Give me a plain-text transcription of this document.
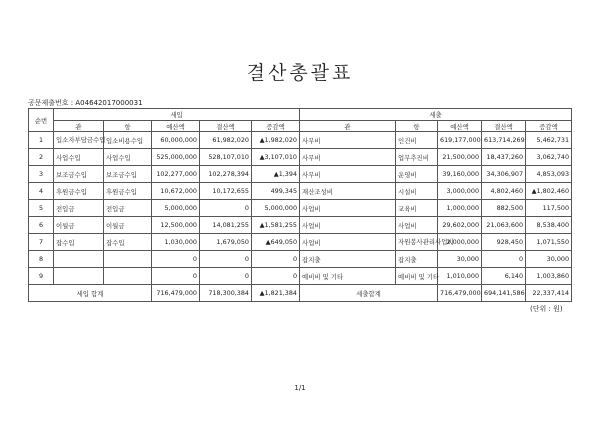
결산총괄표
공문제출번호 : A04642017000031
순번	세입					세출				
	관	항	예산액	결산액	증감액	관	항	예산액	결산액	증감액
1	입소자부담금수입	입소비용수입	60,000,000	61,982,020	▲1,982,020	사무비	인건비	619,177,000	613,714,269	5,462,731
2	사업수입	사업수입	525,000,000	528,107,010	▲3,107,010	사무비	업무추진비	21,500,000	18,437,260	3,062,740
3	보조금수입	보조금수입	102,277,000	102,278,394	▲1,394	사무비	운영비	39,160,000	34,306,907	4,853,093
4	후원금수입	후원금수입	10,672,000	10,172,655	499,345	재산조성비	시설비	3,000,000	4,802,460	▲1,802,460
5	전입금	전입금	5,000,000	0	5,000,000	사업비	교육비	1,000,000	882,500	117,500
6	이월금	이월금	12,500,000	14,081,255	▲1,581,255	사업비	사업비	29,602,000	21,063,600	8,538,400
7	잡수입	잡수입	1,030,000	1,679,050	▲649,050	사업비	자원봉사관리사업비	2,000,000	928,450	1,071,550
8			0	0	0	잡지출	잡지출	30,000	0	30,000
9			0	0	0	예비비 및 기타	예비비 및 기타	1,010,000	6,140	1,003,860
세입 합계			716,479,000	718,300,384	▲1,821,384	세출합계		716,479,000	694,141,586	22,337,414
(단위 : 원)
1/1
